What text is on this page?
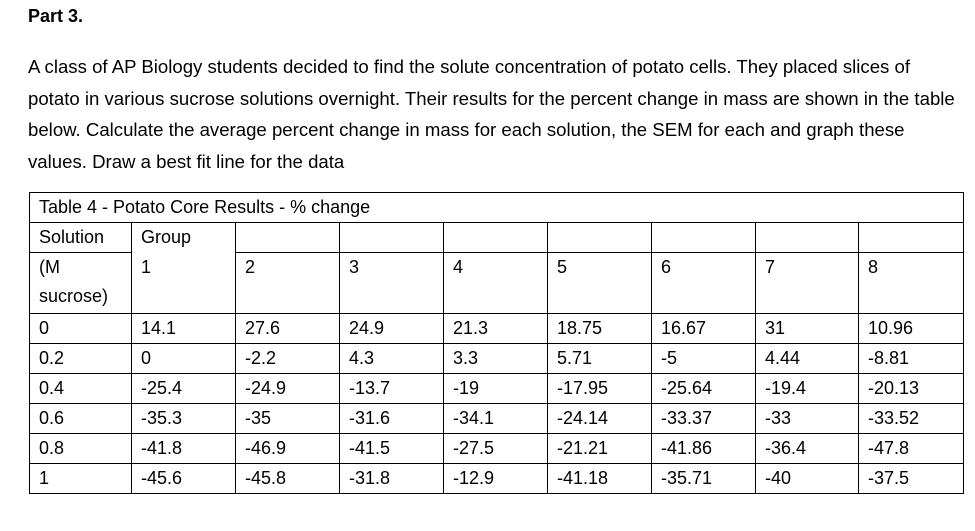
Part 3.
A class of AP Biology students decided to find the solute concentration of potato cells. They placed slices of potato in various sucrose solutions overnight. Their results for the percent change in mass are shown in the table below. Calculate the average percent change in mass for each solution, the SEM for each and graph these values. Draw a best fit line for the data
Table 4 - Potato Core Results - % change								
Solution	Group							
(M
sucrose)	1	2	3	4	5	6	7	8
0	14.1	27.6	24.9	21.3	18.75	16.67	31	10.96
0.2	0	-2.2	4.3	3.3	5.71	-5	4.44	-8.81
0.4	-25.4	-24.9	-13.7	-19	-17.95	-25.64	-19.4	-20.13
0.6	-35.3	-35	-31.6	-34.1	-24.14	-33.37	-33	-33.52
0.8	-41.8	-46.9	-41.5	-27.5	-21.21	-41.86	-36.4	-47.8
1	-45.6	-45.8	-31.8	-12.9	-41.18	-35.71	-40	-37.5
